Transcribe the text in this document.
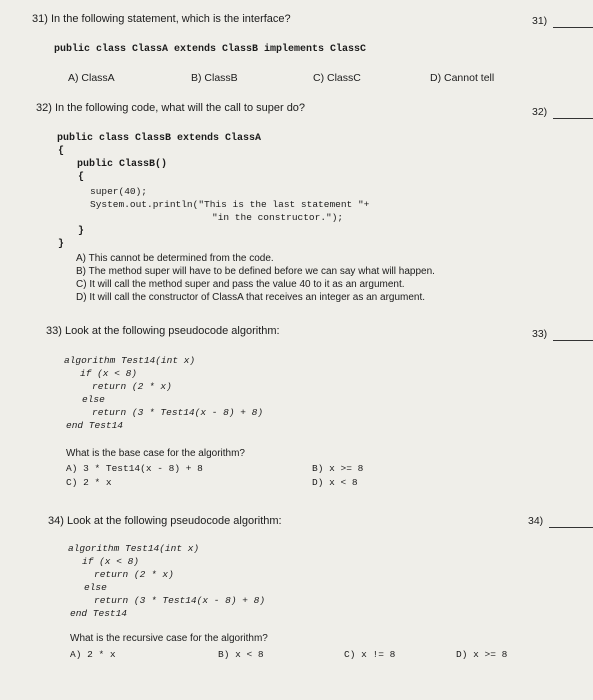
31) In the following statement, which is the interface?	31)
public class ClassA extends ClassB implements ClassC
A) ClassA	B) ClassB	C) ClassC	D) Cannot tell
32) In the following code, what will the call to super do?	32)
public class ClassB extends ClassA
{
public ClassB()
{
super(40);
System.out.println("This is the last statement "+
"in the constructor.");
}
}
A) This cannot be determined from the code.
B) The method super will have to be defined before we can say what will happen.
C) It will call the method super and pass the value 40 to it as an argument.
D) It will call the constructor of ClassA that receives an integer as an argument.
33) Look at the following pseudocode algorithm:	33)
algorithm Test14(int x)
if (x < 8)
return (2 * x)
else
return (3 * Test14(x - 8) + 8)
end Test14
What is the base case for the algorithm?
A) 3 * Test14(x - 8) + 8	B) x >= 8
C) 2 * x	D) x < 8
34) Look at the following pseudocode algorithm:	34)
algorithm Test14(int x)
if (x < 8)
return (2 * x)
else
return (3 * Test14(x - 8) + 8)
end Test14
What is the recursive case for the algorithm?
A) 2 * x	B) x < 8	C) x != 8	D) x >= 8
